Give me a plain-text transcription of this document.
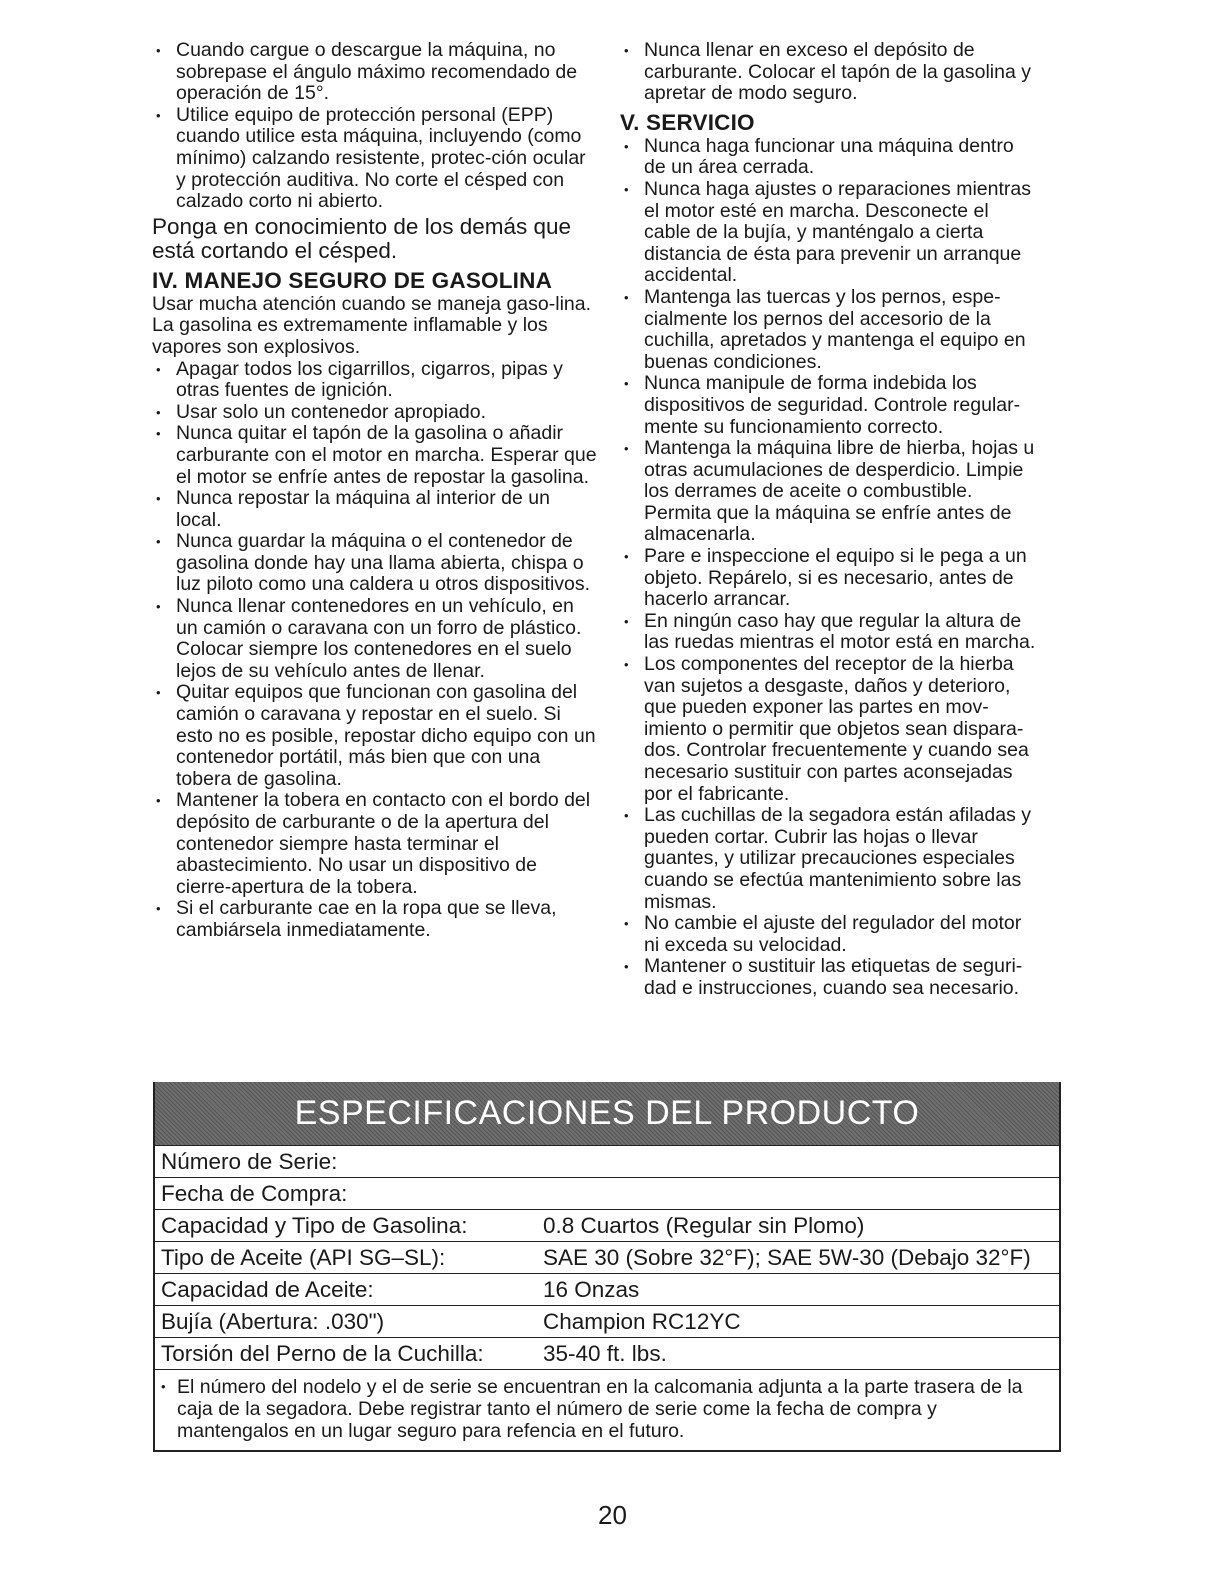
• Cuando cargue o descargue la máquina, no sobrepase el ángulo máximo recomendado de operación de 15°.
• Utilice equipo de protección personal (EPP) cuando utilice esta máquina, incluyendo (como mínimo) calzando resistente, protec-ción ocular y protección auditiva. No corte el césped con calzado corto ni abierto.
Ponga en conocimiento de los demás que está cortando el césped.
IV. MANEJO SEGURO DE GASOLINA

Usar mucha atención cuando se maneja gaso-lina. La gasolina es extremamente inflamable y los vapores son explosivos.

• Apagar todos los cigarrillos, cigarros, pipas y otras fuentes de ignición.
• Usar solo un contenedor apropiado.
• Nunca quitar el tapón de la gasolina o añadir carburante con el motor en marcha. Esperar que el motor se enfríe antes de repostar la gasolina.
• Nunca repostar la máquina al interior de un local.
• Nunca guardar la máquina o el contenedor de gasolina donde hay una llama abierta, chispa o luz piloto como una caldera u otros dispositivos.
• Nunca llenar contenedores en un vehículo, en un camión o caravana con un forro de plástico. Colocar siempre los contenedores en el suelo lejos de su vehículo antes de llenar.
• Quitar equipos que funcionan con gasolina del camión o caravana y repostar en el suelo. Si esto no es posible, repostar dicho equipo con un contenedor portátil, más bien que con una tobera de gasolina.
• Mantener la tobera en contacto con el bordo del depósito de carburante o de la apertura del contenedor siempre hasta terminar el abastecimiento. No usar un dispositivo de cierre-apertura de la tobera.
• Si el carburante cae en la ropa que se lleva, cambiársela inmediatamente.
• Nunca llenar en exceso el depósito de carburante. Colocar el tapón de la gasolina y apretar de modo seguro.
V. SERVICIO
• Nunca haga funcionar una máquina dentro de un área cerrada.
• Nunca haga ajustes o reparaciones mientras el motor esté en marcha. Desconecte el cable de la bujía, y manténgalo a cierta distancia de ésta para prevenir un arranque accidental.
• Mantenga las tuercas y los pernos, espe-cialmente los pernos del accesorio de la cuchilla, apretados y mantenga el equipo en buenas condiciones.
• Nunca manipule de forma indebida los dispositivos de seguridad. Controle regular-mente su funcionamiento correcto.
• Mantenga la máquina libre de hierba, hojas u otras acumulaciones de desperdicio. Limpie los derrames de aceite o combustible. Permita que la máquina se enfríe antes de almacenarla.
• Pare e inspeccione el equipo si le pega a un objeto. Repárelo, si es necesario, antes de hacerlo arrancar.
• En ningún caso hay que regular la altura de las ruedas mientras el motor está en marcha.
• Los componentes del receptor de la hierba van sujetos a desgaste, daños y deterioro, que pueden exponer las partes en mov-imiento o permitir que objetos sean dispara-dos. Controlar frecuentemente y cuando sea necesario sustituir con partes aconsejadas por el fabricante.
• Las cuchillas de la segadora están afiladas y pueden cortar. Cubrir las hojas o llevar guantes, y utilizar precauciones especiales cuando se efectúa mantenimiento sobre las mismas.
• No cambie el ajuste del regulador del motor ni exceda su velocidad.
• Mantener o sustituir las etiquetas de seguri-dad e instrucciones, cuando sea necesario.
ESPECIFICACIONES DEL PRODUCTO
Número de Serie:
Fecha de Compra:
Capacidad y Tipo de Gasolina:	0.8 Cuartos (Regular sin Plomo)
Tipo de Aceite (API SG–SL):	SAE 30 (Sobre 32°F); SAE 5W-30 (Debajo 32°F)
Capacidad de Aceite:	16 Onzas
Bujía (Abertura: .030")	Champion RC12YC
Torsión del Perno de la Cuchilla:	35-40 ft. lbs.
• El número del nodelo y el de serie se encuentran en la calcomania adjunta a la parte trasera de la caja de la segadora. Debe registrar tanto el número de serie come la fecha de compra y mantengalos en un lugar seguro para refencia en el futuro.
20
